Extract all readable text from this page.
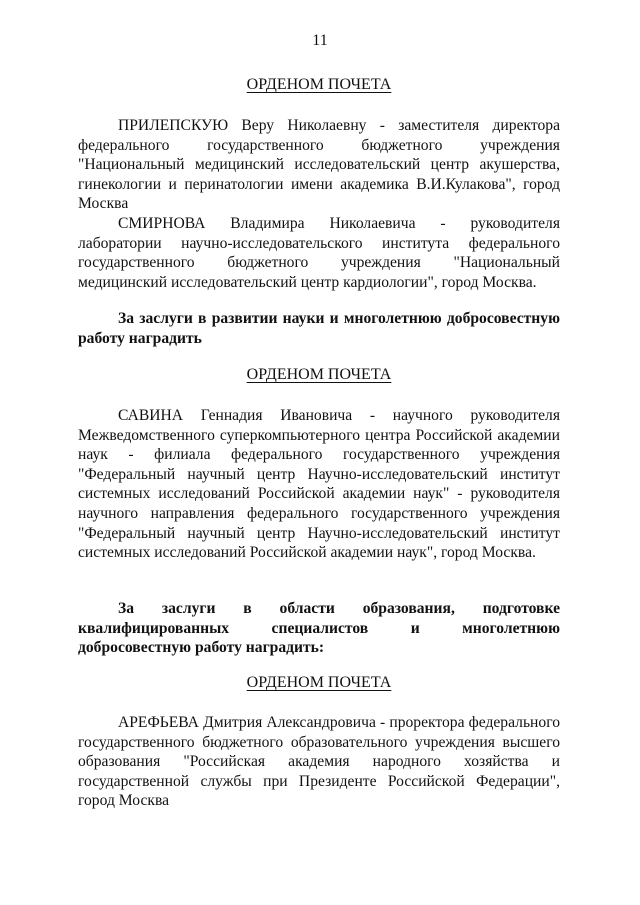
11
ОРДЕНОМ ПОЧЕТА

ПРИЛЕПСКУЮ Веру Николаевну - заместителя директора федерального государственного бюджетного учреждения "Национальный медицинский исследовательский центр акушерства, гинекологии и перинатологии имени академика В.И.Кулакова", город Москва

СМИРНОВА Владимира Николаевича - руководителя лаборатории научно-исследовательского института федерального государственного бюджетного учреждения "Национальный медицинский исследовательский центр кардиологии", город Москва.

За заслуги в развитии науки и многолетнюю добросовестную работу наградить

ОРДЕНОМ ПОЧЕТА

САВИНА Геннадия Ивановича - научного руководителя Межведомственного суперкомпьютерного центра Российской академии наук - филиала федерального государственного учреждения "Федеральный научный центр Научно-исследовательский институт системных исследований Российской академии наук" - руководителя научного направления федерального государственного учреждения "Федеральный научный центр Научно-исследовательский институт системных исследований Российской академии наук", город Москва.

За заслуги в области образования, подготовке квалифицированных специалистов и многолетнюю добросовестную работу наградить:

ОРДЕНОМ ПОЧЕТА

АРЕФЬЕВА Дмитрия Александровича - проректора федерального государственного бюджетного образовательного учреждения высшего образования "Российская академия народного хозяйства и государственной службы при Президенте Российской Федерации", город Москва
